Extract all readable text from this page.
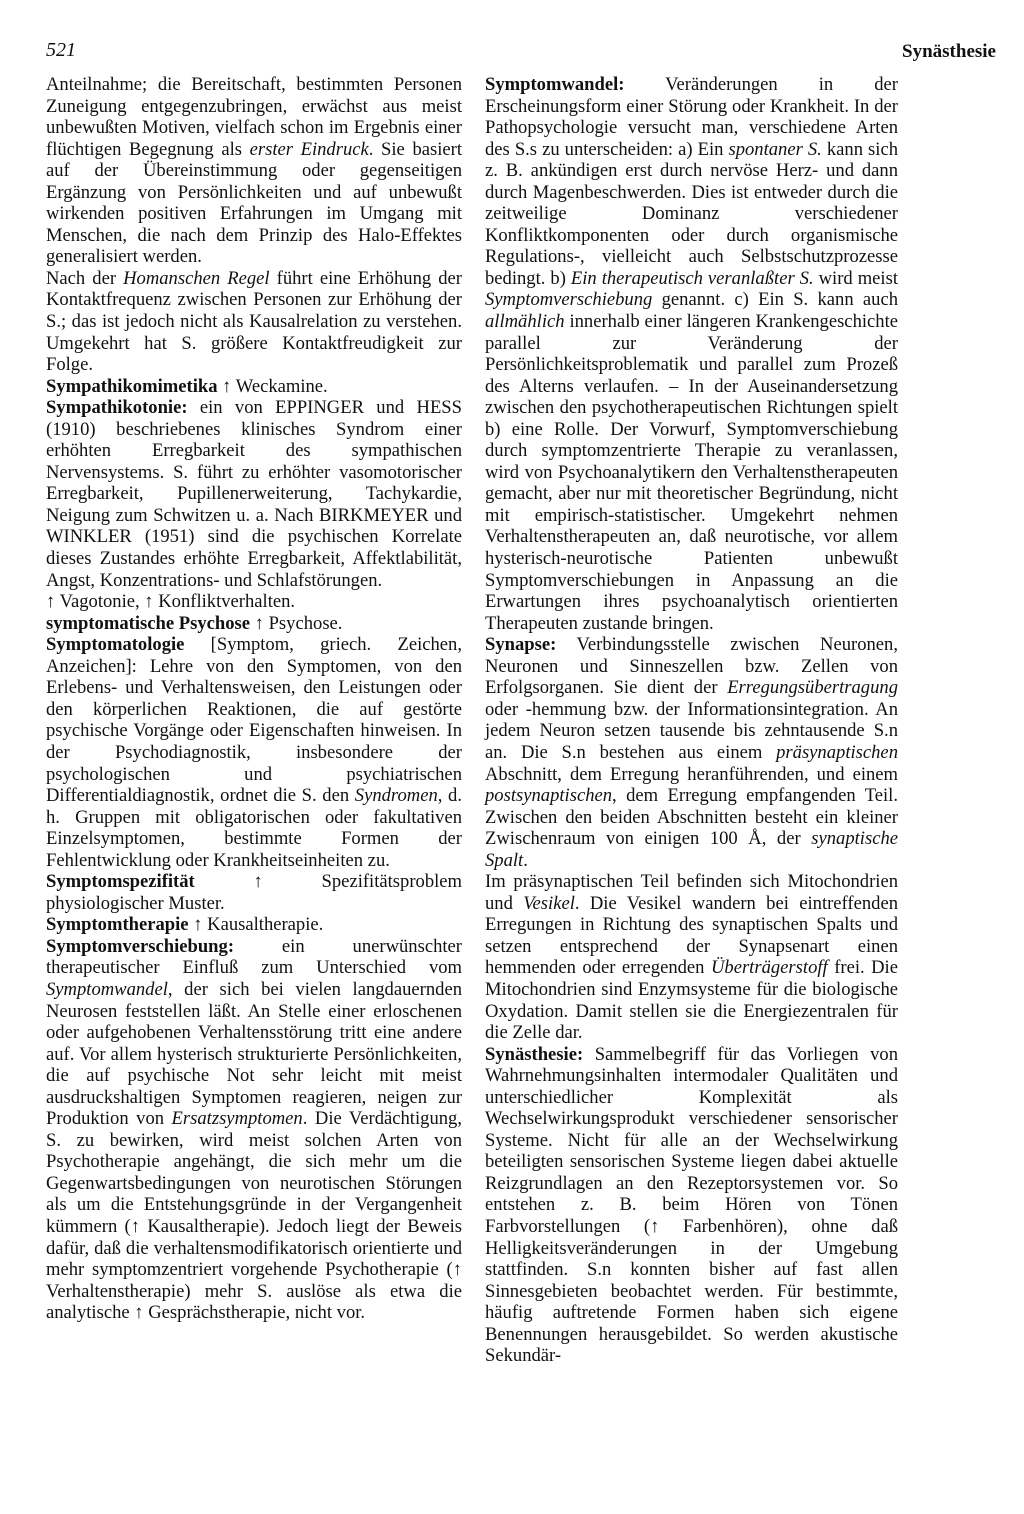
521	Synästhesie

Anteilnahme; die Bereitschaft, bestimmten Personen Zuneigung entgegenzubringen, erwächst aus meist unbewußten Motiven, vielfach schon im Ergebnis einer flüchtigen Begegnung als erster Eindruck. Sie basiert auf der Übereinstimmung oder gegenseitigen Ergänzung von Persönlichkeiten und auf unbewußt wirkenden positiven Erfahrungen im Umgang mit Menschen, die nach dem Prinzip des Halo-Effektes generalisiert werden.

Nach der Homanschen Regel führt eine Erhöhung der Kontaktfrequenz zwischen Personen zur Erhöhung der S.; das ist jedoch nicht als Kausalrelation zu verstehen. Umgekehrt hat S. größere Kontaktfreudigkeit zur Folge.

Sympathikomimetika ↑ Weckamine.

Sympathikotonie: ein von EPPINGER und HESS (1910) beschriebenes klinisches Syndrom einer erhöhten Erregbarkeit des sympathischen Nervensystems. S. führt zu erhöhter vasomotorischer Erregbarkeit, Pupillenerweiterung, Tachykardie, Neigung zum Schwitzen u. a. Nach BIRKMEYER und WINKLER (1951) sind die psychischen Korrelate dieses Zustandes erhöhte Erregbarkeit, Affektlabilität, Angst, Konzentrations- und Schlafstörungen.

↑ Vagotonie, ↑ Konfliktverhalten.

symptomatische Psychose ↑ Psychose.

Symptomatologie [Symptom, griech. Zeichen, Anzeichen]: Lehre von den Symptomen, von den Erlebens- und Verhaltensweisen, den Leistungen oder den körperlichen Reaktionen, die auf gestörte psychische Vorgänge oder Eigenschaften hinweisen. In der Psychodiagnostik, insbesondere der psychologischen und psychiatrischen Differentialdiagnostik, ordnet die S. den Syndromen, d. h. Gruppen mit obligatorischen oder fakultativen Einzelsymptomen, bestimmte Formen der Fehlentwicklung oder Krankheitseinheiten zu.

Symptomspezifität ↑ Spezifitätsproblem physiologischer Muster.

Symptomtherapie ↑ Kausaltherapie.

Symptomverschiebung: ein unerwünschter therapeutischer Einfluß zum Unterschied vom Symptomwandel, der sich bei vielen langdauernden Neurosen feststellen läßt. An Stelle einer erloschenen oder aufgehobenen Verhaltensstörung tritt eine andere auf. Vor allem hysterisch strukturierte Persönlichkeiten, die auf psychische Not sehr leicht mit meist ausdruckshaltigen Symptomen reagieren, neigen zur Produktion von Ersatzsymptomen. Die Verdächtigung, S. zu bewirken, wird meist solchen Arten von Psychotherapie angehängt, die sich mehr um die Gegenwartsbedingungen von neurotischen Störungen als um die Entstehungsgründe in der Vergangenheit kümmern (↑ Kausaltherapie). Jedoch liegt der Beweis dafür, daß die verhaltensmodifikatorisch orientierte und mehr symptomzentriert vorgehende Psychotherapie (↑ Verhaltenstherapie) mehr S. auslöse als etwa die analytische ↑ Gesprächstherapie, nicht vor.

Symptomwandel: Veränderungen in der Erscheinungsform einer Störung oder Krankheit. In der Pathopsychologie versucht man, verschiedene Arten des S.s zu unterscheiden: a) Ein spontaner S. kann sich z. B. ankündigen erst durch nervöse Herz- und dann durch Magenbeschwerden. Dies ist entweder durch die zeitweilige Dominanz verschiedener Konfliktkomponenten oder durch organismische Regulations-, vielleicht auch Selbstschutzprozesse bedingt. b) Ein therapeutisch veranlaßter S. wird meist Symptomverschiebung genannt. c) Ein S. kann auch allmählich innerhalb einer längeren Krankengeschichte parallel zur Veränderung der Persönlichkeitsproblematik und parallel zum Prozeß des Alterns verlaufen. – In der Auseinandersetzung zwischen den psychotherapeutischen Richtungen spielt b) eine Rolle. Der Vorwurf, Symptomverschiebung durch symptomzentrierte Therapie zu veranlassen, wird von Psychoanalytikern den Verhaltenstherapeuten gemacht, aber nur mit theoretischer Begründung, nicht mit empirisch-statistischer. Umgekehrt nehmen Verhaltenstherapeuten an, daß neurotische, vor allem hysterisch-neurotische Patienten unbewußt Symptomverschiebungen in Anpassung an die Erwartungen ihres psychoanalytisch orientierten Therapeuten zustande bringen.

Synapse: Verbindungsstelle zwischen Neuronen, Neuronen und Sinneszellen bzw. Zellen von Erfolgsorganen. Sie dient der Erregungsübertragung oder -hemmung bzw. der Informationsintegration. An jedem Neuron setzen tausende bis zehntausende S.n an. Die S.n bestehen aus einem präsynaptischen Abschnitt, dem Erregung heranführenden, und einem postsynaptischen, dem Erregung empfangenden Teil. Zwischen den beiden Abschnitten besteht ein kleiner Zwischenraum von einigen 100 Å, der synaptische Spalt.

Im präsynaptischen Teil befinden sich Mitochondrien und Vesikel. Die Vesikel wandern bei eintreffenden Erregungen in Richtung des synaptischen Spalts und setzen entsprechend der Synapsenart einen hemmenden oder erregenden Überträgerstoff frei. Die Mitochondrien sind Enzymsysteme für die biologische Oxydation. Damit stellen sie die Energiezentralen für die Zelle dar.

Synästhesie: Sammelbegriff für das Vorliegen von Wahrnehmungsinhalten intermodaler Qualitäten und unterschiedlicher Komplexität als Wechselwirkungsprodukt verschiedener sensorischer Systeme. Nicht für alle an der Wechselwirkung beteiligten sensorischen Systeme liegen dabei aktuelle Reizgrundlagen an den Rezeptorsystemen vor. So entstehen z. B. beim Hören von Tönen Farbvorstellungen (↑ Farbenhören), ohne daß Helligkeitsveränderungen in der Umgebung stattfinden. S.n konnten bisher auf fast allen Sinnesgebieten beobachtet werden. Für bestimmte, häufig auftretende Formen haben sich eigene Benennungen herausgebildet. So werden akustische Sekundär-
